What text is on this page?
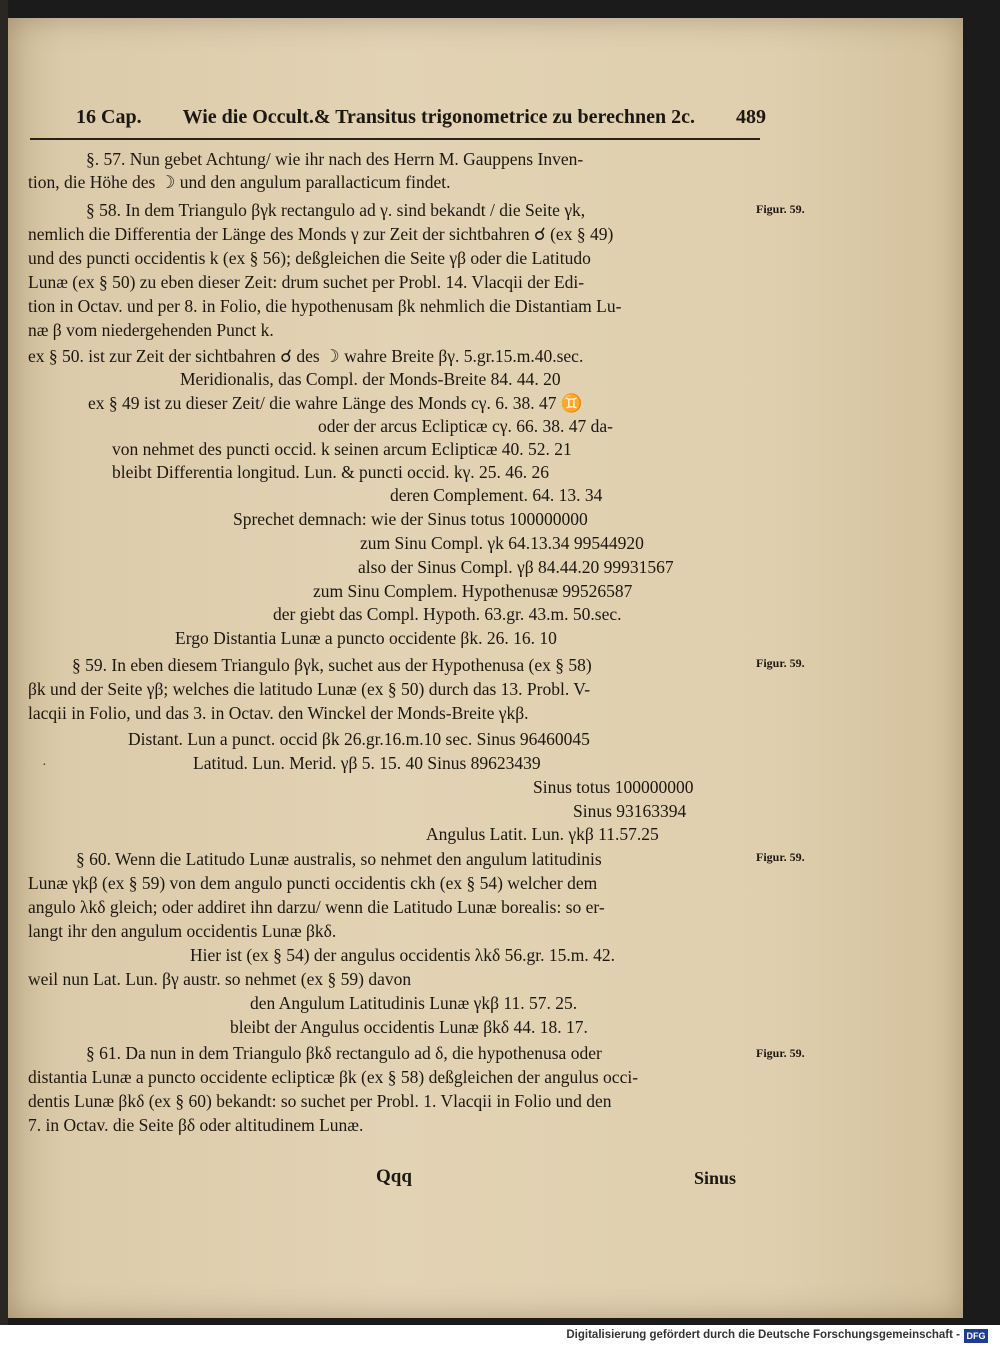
16 Cap. Wie die Occult.& Transitus trigonometrice zu berechnen 2c. 489
§. 57. Nun gebet Achtung/ wie ihr nach des Herrn M. Gauppens Inven-
tion, die Höhe des ☽ und den angulum parallacticum findet.
§ 58. In dem Triangulo βγk rectangulo ad γ. sind bekandt / die Seite γk,
nemlich die Differentia der Länge des Monds γ zur Zeit der sichtbahren ☌ (ex § 49)
und des puncti occidentis k (ex § 56); deßgleichen die Seite γβ oder die Latitudo
Lunæ (ex § 50) zu eben dieser Zeit: drum suchet per Probl. 14. Vlacqii der Edi-
tion in Octav. und per 8. in Folio, die hypothenusam βk nehmlich die Distantiam Lu-
næ β vom niedergehenden Punct k.
ex § 50. ist zur Zeit der sichtbahren ☌ des ☽ wahre Breite βγ. 5.gr.15.m.40.sec.
Meridionalis, das Compl. der Monds-Breite 84. 44. 20
ex § 49 ist zu dieser Zeit/ die wahre Länge des Monds cγ. 6. 38. 47 ♊
oder der arcus Eclipticæ cγ. 66. 38. 47 da-
von nehmet des puncti occid. k seinen arcum Eclipticæ 40. 52. 21
bleibt Differentia longitud. Lun. & puncti occid. kγ. 25. 46. 26
deren Complement. 64. 13. 34
Sprechet demnach: wie der Sinus totus 100000000
zum Sinu Compl. γk 64.13.34 99544920
also der Sinus Compl. γβ 84.44.20 99931567
zum Sinu Complem. Hypothenusæ 99526587
der giebt das Compl. Hypoth. 63.gr. 43.m. 50.sec.
Ergo Distantia Lunæ a puncto occidente βk. 26. 16. 10
§ 59. In eben diesem Triangulo βγk, suchet aus der Hypothenusa (ex § 58)
βk und der Seite γβ; welches die latitudo Lunæ (ex § 50) durch das 13. Probl. V-
lacqii in Folio, und das 3. in Octav. den Winckel der Monds-Breite γkβ.
Distant. Lun a punct. occid βk 26.gr.16.m.10 sec. Sinus 96460045
Latitud. Lun. Merid. γβ 5. 15. 40 Sinus 89623439
Sinus totus 100000000
Sinus 93163394
Angulus Latit. Lun. γkβ 11.57.25
§ 60. Wenn die Latitudo Lunæ australis, so nehmet den angulum latitudinis
Lunæ γkβ (ex § 59) von dem angulo puncti occidentis ckh (ex § 54) welcher dem
angulo λkδ gleich; oder addiret ihn darzu/ wenn die Latitudo Lunæ borealis: so er-
langt ihr den angulum occidentis Lunæ βkδ.
Hier ist (ex § 54) der angulus occidentis λkδ 56.gr. 15.m. 42.
weil nun Lat. Lun. βγ austr. so nehmet (ex § 59) davon
den Angulum Latitudinis Lunæ γkβ 11. 57. 25.
bleibt der Angulus occidentis Lunæ βkδ 44. 18. 17.
§ 61. Da nun in dem Triangulo βkδ rectangulo ad δ, die hypothenusa oder
distantia Lunæ a puncto occidente eclipticæ βk (ex § 58) deßgleichen der angulus occi-
dentis Lunæ βkδ (ex § 60) bekandt: so suchet per Probl. 1. Vlacqii in Folio und den
7. in Octav. die Seite βδ oder altitudinem Lunæ.
Figur. 59.
Figur. 59.
Figur. 59.
Figur. 59.
·
Qqq	Sinus
Digitalisierung gefördert durch die Deutsche Forschungsgemeinschaft - DFG
